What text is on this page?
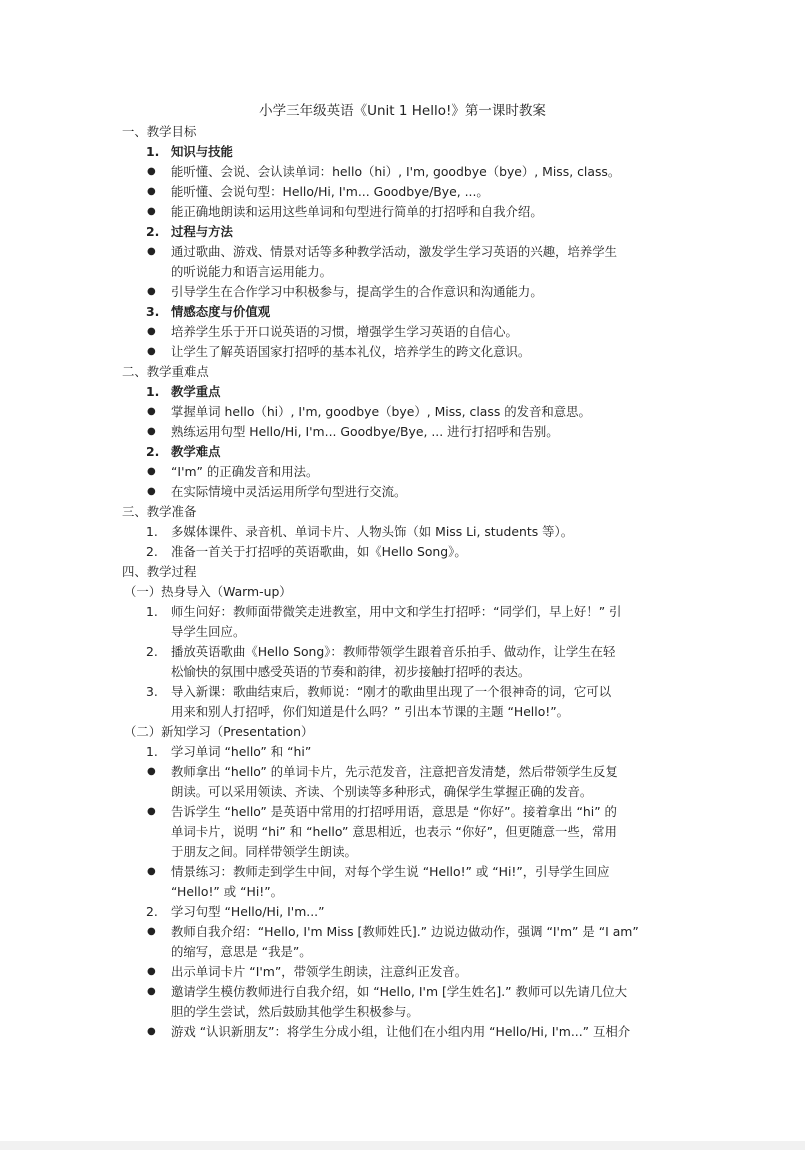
小学三年级英语《Unit 1 Hello!》第一课时教案
一、教学目标
1. 知识与技能
● 能听懂、会说、会认读单词：hello（hi）, I'm, goodbye（bye）, Miss, class。
● 能听懂、会说句型：Hello/Hi, I'm... Goodbye/Bye, ...。
● 能正确地朗读和运用这些单词和句型进行简单的打招呼和自我介绍。
2. 过程与方法
● 通过歌曲、游戏、情景对话等多种教学活动，激发学生学习英语的兴趣，培养学生
的听说能力和语言运用能力。
● 引导学生在合作学习中积极参与，提高学生的合作意识和沟通能力。
3. 情感态度与价值观
● 培养学生乐于开口说英语的习惯，增强学生学习英语的自信心。
● 让学生了解英语国家打招呼的基本礼仪，培养学生的跨文化意识。
二、教学重难点
1. 教学重点
● 掌握单词 hello（hi）, I'm, goodbye（bye）, Miss, class 的发音和意思。
● 熟练运用句型 Hello/Hi, I'm... Goodbye/Bye, ... 进行打招呼和告别。
2. 教学难点
● “I'm” 的正确发音和用法。
● 在实际情境中灵活运用所学句型进行交流。
三、教学准备
1. 多媒体课件、录音机、单词卡片、人物头饰（如 Miss Li, students 等）。
2. 准备一首关于打招呼的英语歌曲，如《Hello Song》。
四、教学过程
（一）热身导入（Warm-up）
1. 师生问好：教师面带微笑走进教室，用中文和学生打招呼：“同学们，早上好！” 引
导学生回应。
2. 播放英语歌曲《Hello Song》：教师带领学生跟着音乐拍手、做动作，让学生在轻
松愉快的氛围中感受英语的节奏和韵律，初步接触打招呼的表达。
3. 导入新课：歌曲结束后，教师说：“刚才的歌曲里出现了一个很神奇的词，它可以
用来和别人打招呼，你们知道是什么吗？” 引出本节课的主题 “Hello!”。
（二）新知学习（Presentation）
1. 学习单词 “hello” 和 “hi”
● 教师拿出 “hello” 的单词卡片，先示范发音，注意把音发清楚，然后带领学生反复
朗读。可以采用领读、齐读、个别读等多种形式，确保学生掌握正确的发音。
● 告诉学生 “hello” 是英语中常用的打招呼用语，意思是 “你好”。接着拿出 “hi” 的
单词卡片，说明 “hi” 和 “hello” 意思相近，也表示 “你好”，但更随意一些，常用
于朋友之间。同样带领学生朗读。
● 情景练习：教师走到学生中间，对每个学生说 “Hello!” 或 “Hi!”，引导学生回应
“Hello!” 或 “Hi!”。
2. 学习句型 “Hello/Hi, I'm...”
● 教师自我介绍：“Hello, I'm Miss [教师姓氏].” 边说边做动作，强调 “I'm” 是 “I am”
的缩写，意思是 “我是”。
● 出示单词卡片 “I'm”，带领学生朗读，注意纠正发音。
● 邀请学生模仿教师进行自我介绍，如 “Hello, I'm [学生姓名].” 教师可以先请几位大
胆的学生尝试，然后鼓励其他学生积极参与。
● 游戏 “认识新朋友”：将学生分成小组，让他们在小组内用 “Hello/Hi, I'm...” 互相介
